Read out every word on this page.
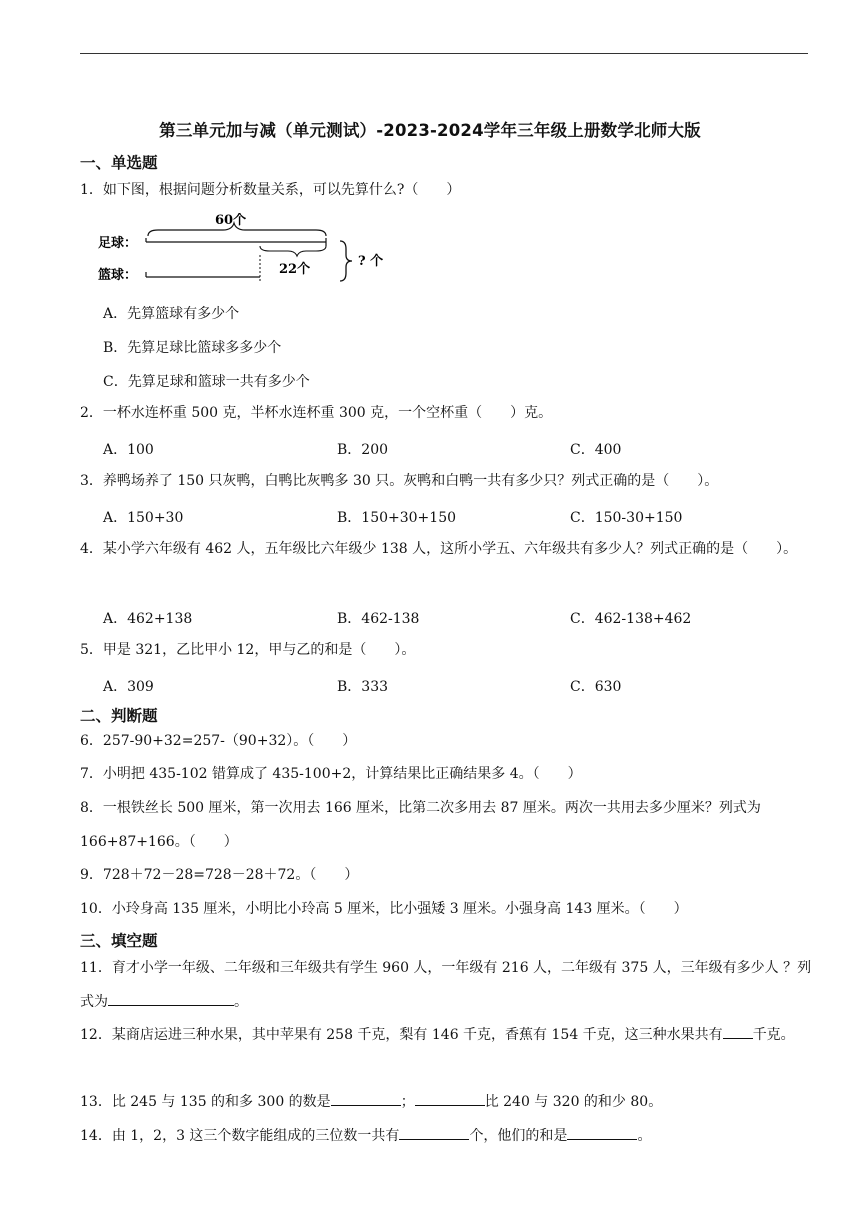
第三单元加与减（单元测试）-2023-2024学年三年级上册数学北师大版
一、单选题
1．如下图，根据问题分析数量关系，可以先算什么?（　　）
足球：
篮球：
60个
22个
? 个
A．先算篮球有多少个
B．先算足球比篮球多多少个
C．先算足球和篮球一共有多少个
2．一杯水连杯重 500 克，半杯水连杯重 300 克，一个空杯重（　　）克。
A．100	B．200	C．400
3．养鸭场养了 150 只灰鸭，白鸭比灰鸭多 30 只。灰鸭和白鸭一共有多少只？列式正确的是（　　）。
A．150+30	B．150+30+150	C．150-30+150
4．某小学六年级有 462 人，五年级比六年级少 138 人，这所小学五、六年级共有多少人？列式正确的是（　　）。
A．462+138	B．462-138	C．462-138+462
5．甲是 321，乙比甲小 12，甲与乙的和是（　　）。
A．309	B．333	C．630
二、判断题
6．257-90+32=257-（90+32）。（　　）
7．小明把 435-102 错算成了 435-100+2，计算结果比正确结果多 4。（　　）
8．一根铁丝长 500 厘米，第一次用去 166 厘米，比第二次多用去 87 厘米。两次一共用去多少厘米？列式为 166+87+166。（　　）
9．728＋72－28=728－28＋72。（　　）
10．小玲身高 135 厘米，小明比小玲高 5 厘米，比小强矮 3 厘米。小强身高 143 厘米。（　　）
三、填空题
11．育才小学一年级、二年级和三年级共有学生 960 人，一年级有 216 人，二年级有 375 人，三年级有多少人 ？列式为	。
12．某商店运进三种水果，其中苹果有 258 千克，梨有 146 千克，香蕉有 154 千克，这三种水果共有 千克。
13．比 245 与 135 的和多 300 的数是	；	比 240 与 320 的和少 80。
14．由 1，2，3 这三个数字能组成的三位数一共有	个，他们的和是	。
